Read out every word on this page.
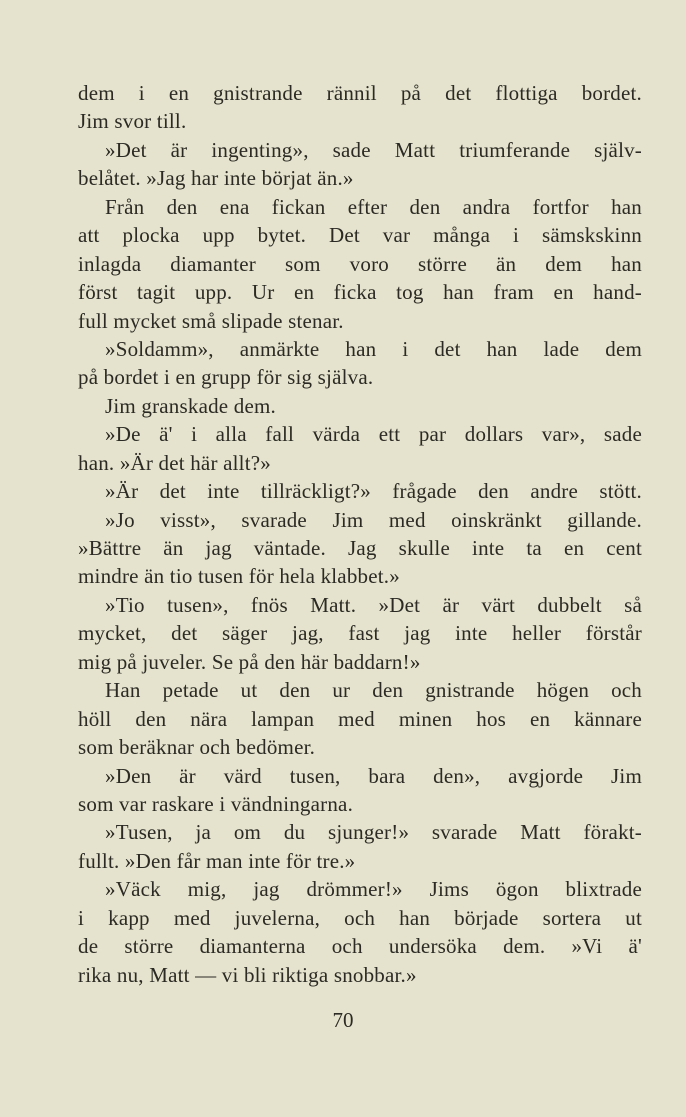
dem i en gnistrande rännil på det flottiga bordet.
Jim svor till.
»Det är ingenting», sade Matt triumferande själv-
belåtet. »Jag har inte börjat än.»
Från den ena fickan efter den andra fortfor han
att plocka upp bytet. Det var många i sämskskinn
inlagda diamanter som voro större än dem han
först tagit upp. Ur en ficka tog han fram en hand-
full mycket små slipade stenar.
»Soldamm», anmärkte han i det han lade dem
på bordet i en grupp för sig själva.
Jim granskade dem.
»De ä' i alla fall värda ett par dollars var», sade
han. »Är det här allt?»
»Är det inte tillräckligt?» frågade den andre stött.
»Jo visst», svarade Jim med oinskränkt gillande.
»Bättre än jag väntade. Jag skulle inte ta en cent
mindre än tio tusen för hela klabbet.»
»Tio tusen», fnös Matt. »Det är värt dubbelt så
mycket, det säger jag, fast jag inte heller förstår
mig på juveler. Se på den här baddarn!»
Han petade ut den ur den gnistrande högen och
höll den nära lampan med minen hos en kännare
som beräknar och bedömer.
»Den är värd tusen, bara den», avgjorde Jim
som var raskare i vändningarna.
»Tusen, ja om du sjunger!» svarade Matt förakt-
fullt. »Den får man inte för tre.»
»Väck mig, jag drömmer!» Jims ögon blixtrade
i kapp med juvelerna, och han började sortera ut
de större diamanterna och undersöka dem. »Vi ä'
rika nu, Matt — vi bli riktiga snobbar.»
70
